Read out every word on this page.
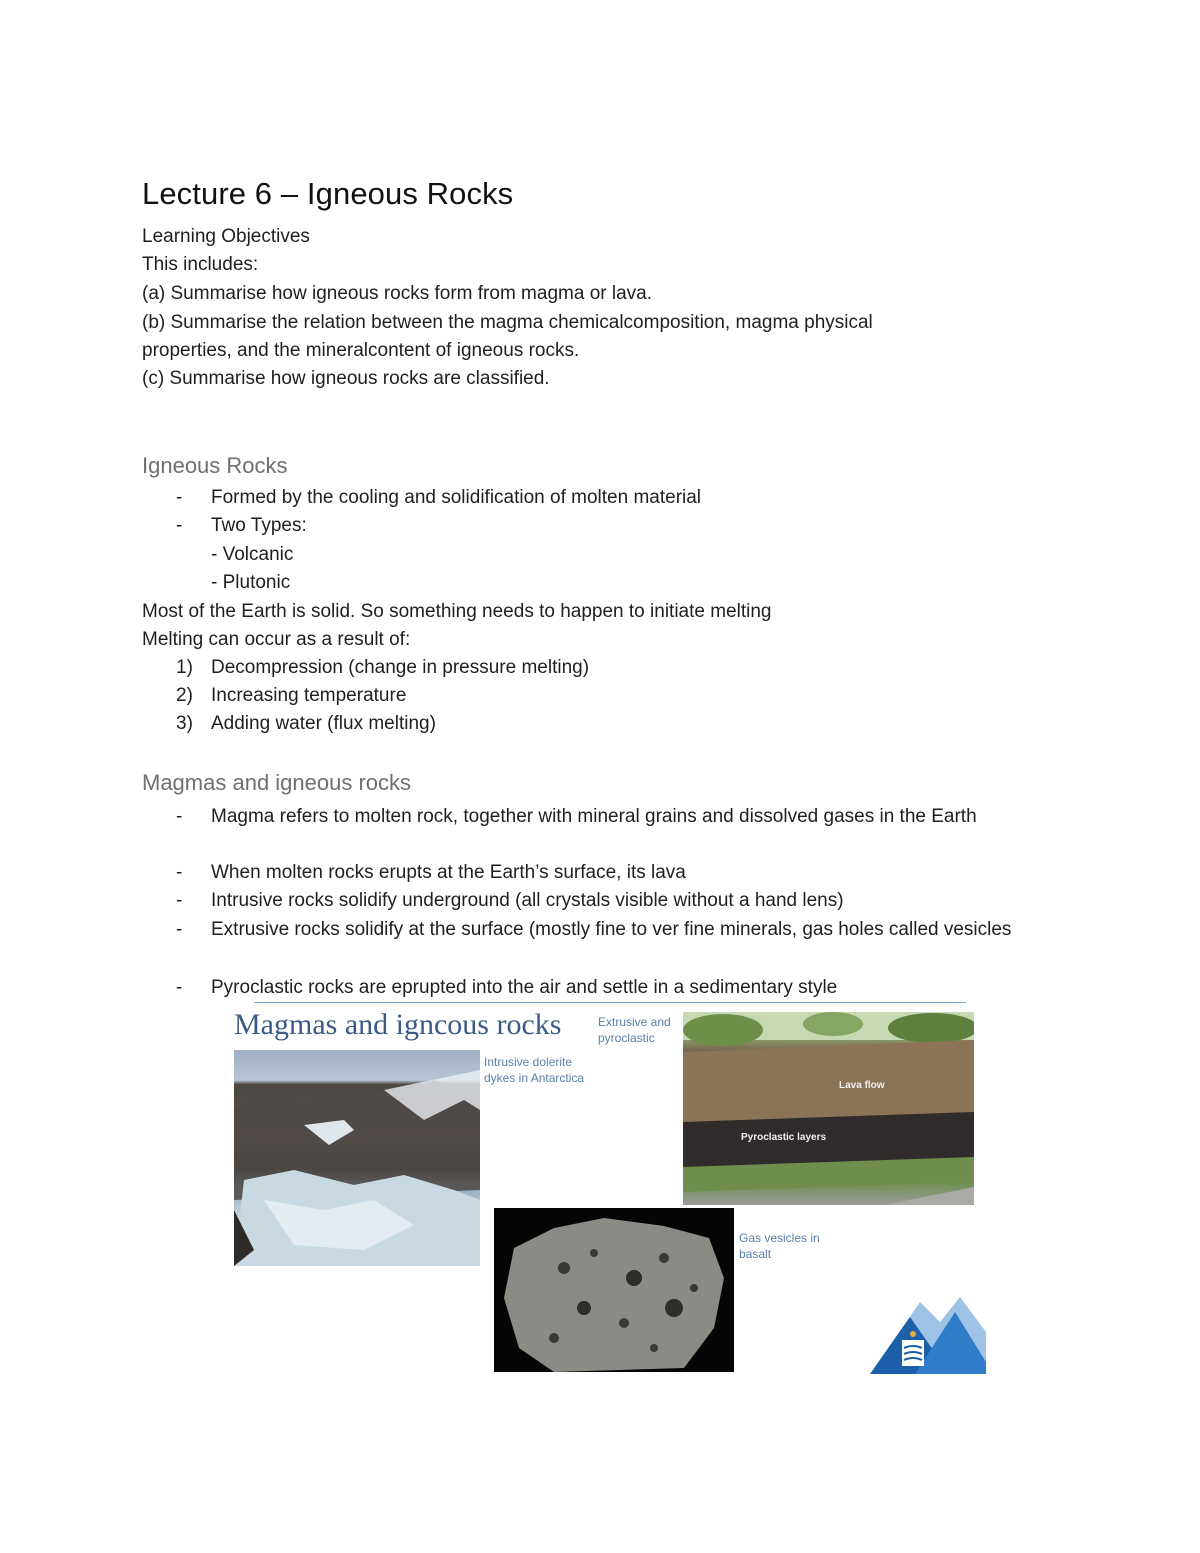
Lecture 6 – Igneous Rocks
Learning Objectives
This includes:
(a) Summarise how igneous rocks form from magma or lava.
(b) Summarise the relation between the magma chemicalcomposition, magma physical
properties, and the mineralcontent of igneous rocks.
(c) Summarise how igneous rocks are classified.
Igneous Rocks
- Formed by the cooling and solidification of molten material
- Two Types:
- Volcanic
- Plutonic
Most of the Earth is solid. So something needs to happen to initiate melting
Melting can occur as a result of:
1) Decompression (change in pressure melting)
2) Increasing temperature
3) Adding water (flux melting)
Magmas and igneous rocks
- Magma refers to molten rock, together with mineral grains and dissolved gases in the Earth
- When molten rocks erupts at the Earth’s surface, its lava
- Intrusive rocks solidify underground (all crystals visible without a hand lens)
- Extrusive rocks solidify at the surface (mostly fine to ver fine minerals, gas holes called vesicles
- Pyroclastic rocks are eprupted into the air and settle in a sedimentary style
Magmas and igncous rocks	Extrusive and pyroclastic
Intrusive dolerite dykes in Antarctica
Lava flow
Pyroclastic layers
Gas vesicles in basalt
